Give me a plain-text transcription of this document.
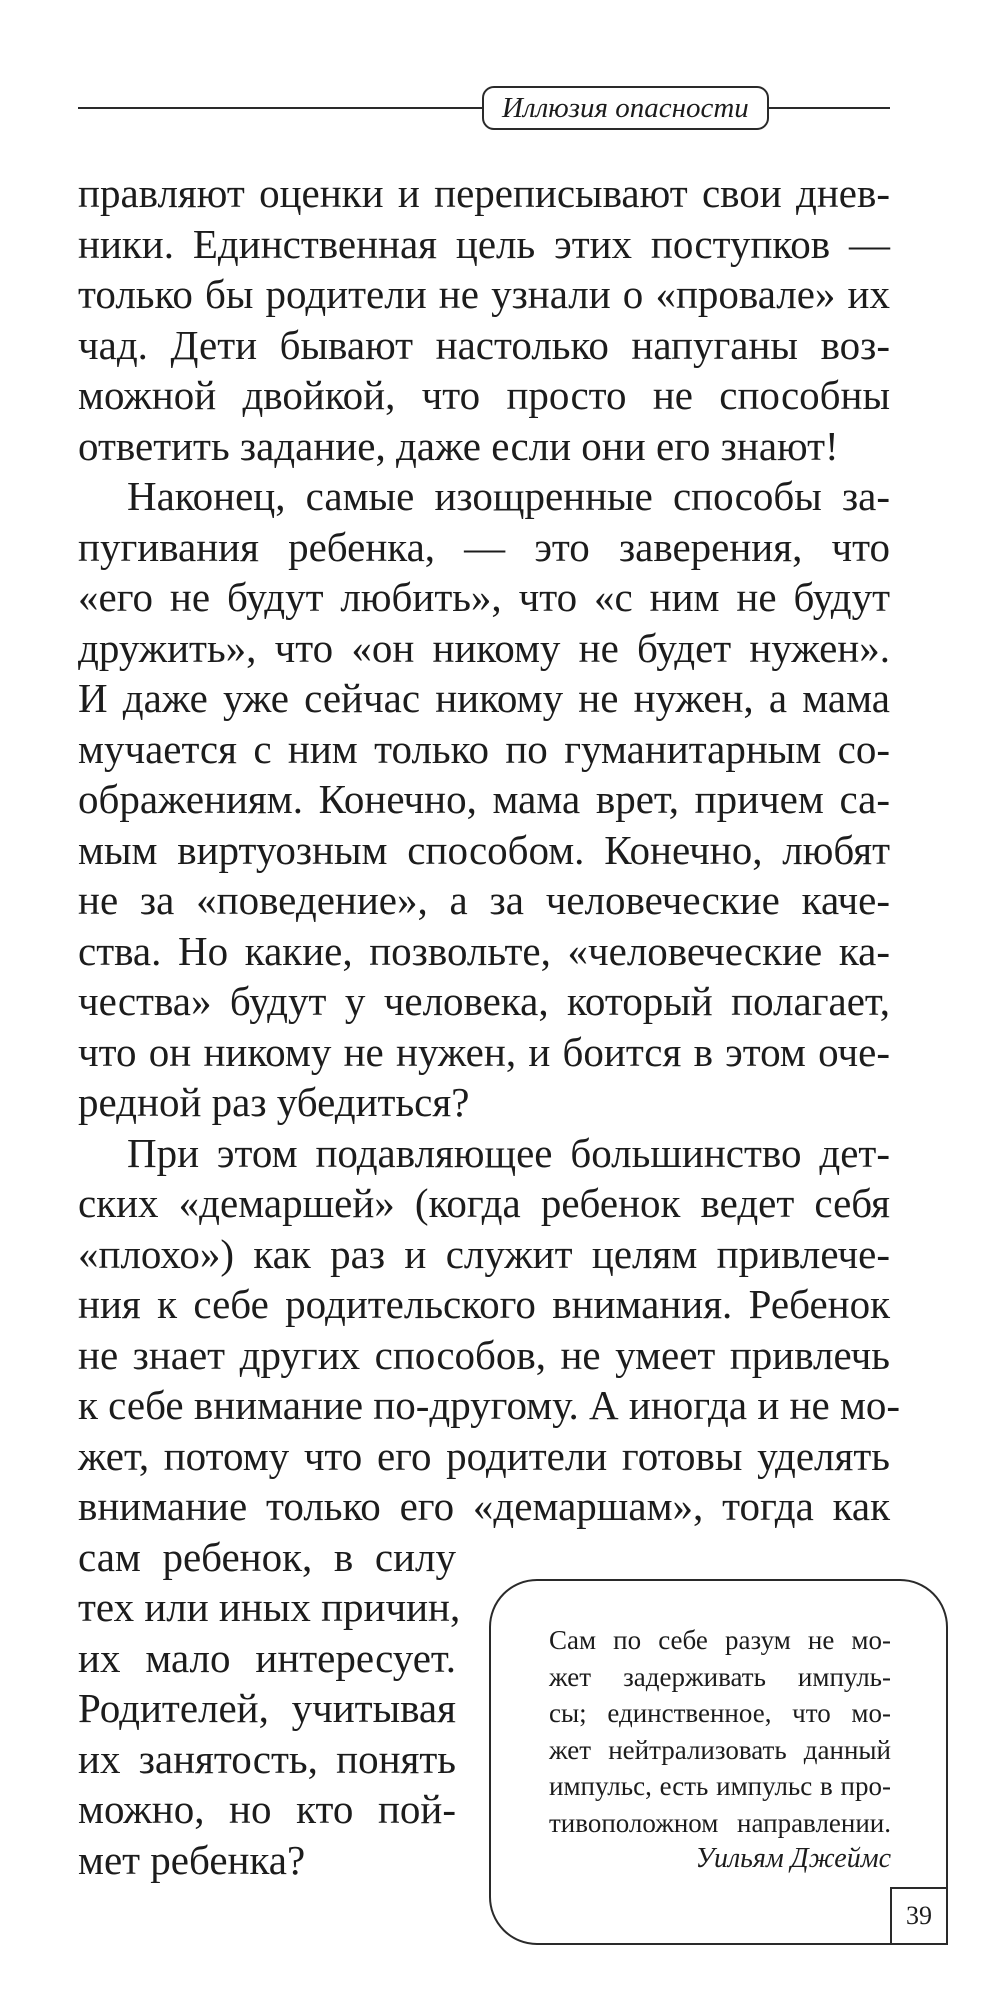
Иллюзия опасности
правляют оценки и переписывают свои днев-
ники. Единственная цель этих поступков —
только бы родители не узнали о «провале» их
чад. Дети бывают настолько напуганы воз-
можной двойкой, что просто не способны
ответить задание, даже если они его знают!
Наконец, самые изощренные способы за-
пугивания ребенка, — это заверения, что
«его не будут любить», что «с ним не будут
дружить», что «он никому не будет нужен».
И даже уже сейчас никому не нужен, а мама
мучается с ним только по гуманитарным со-
ображениям. Конечно, мама врет, причем са-
мым виртуозным способом. Конечно, любят
не за «поведение», а за человеческие каче-
ства. Но какие, позвольте, «человеческие ка-
чества» будут у человека, который полагает,
что он никому не нужен, и боится в этом оче-
редной раз убедиться?
При этом подавляющее большинство дет-
ских «демаршей» (когда ребенок ведет себя
«плохо») как раз и служит целям привлече-
ния к себе родительского внимания. Ребенок
не знает других способов, не умеет привлечь
к себе внимание по-другому. А иногда и не мо-
жет, потому что его родители готовы уделять
внимание только его «демаршам», тогда как
сам ребенок, в силу
тех или иных причин,
их мало интересует.
Родителей, учитывая
их занятость, понять
можно, но кто пой-
мет ребенка?
Сам по себе разум не мо-
жет задерживать импуль-
сы; единственное, что мо-
жет нейтрализовать данный
импульс, есть импульс в про-
тивоположном направлении.
Уильям Джеймс
39
